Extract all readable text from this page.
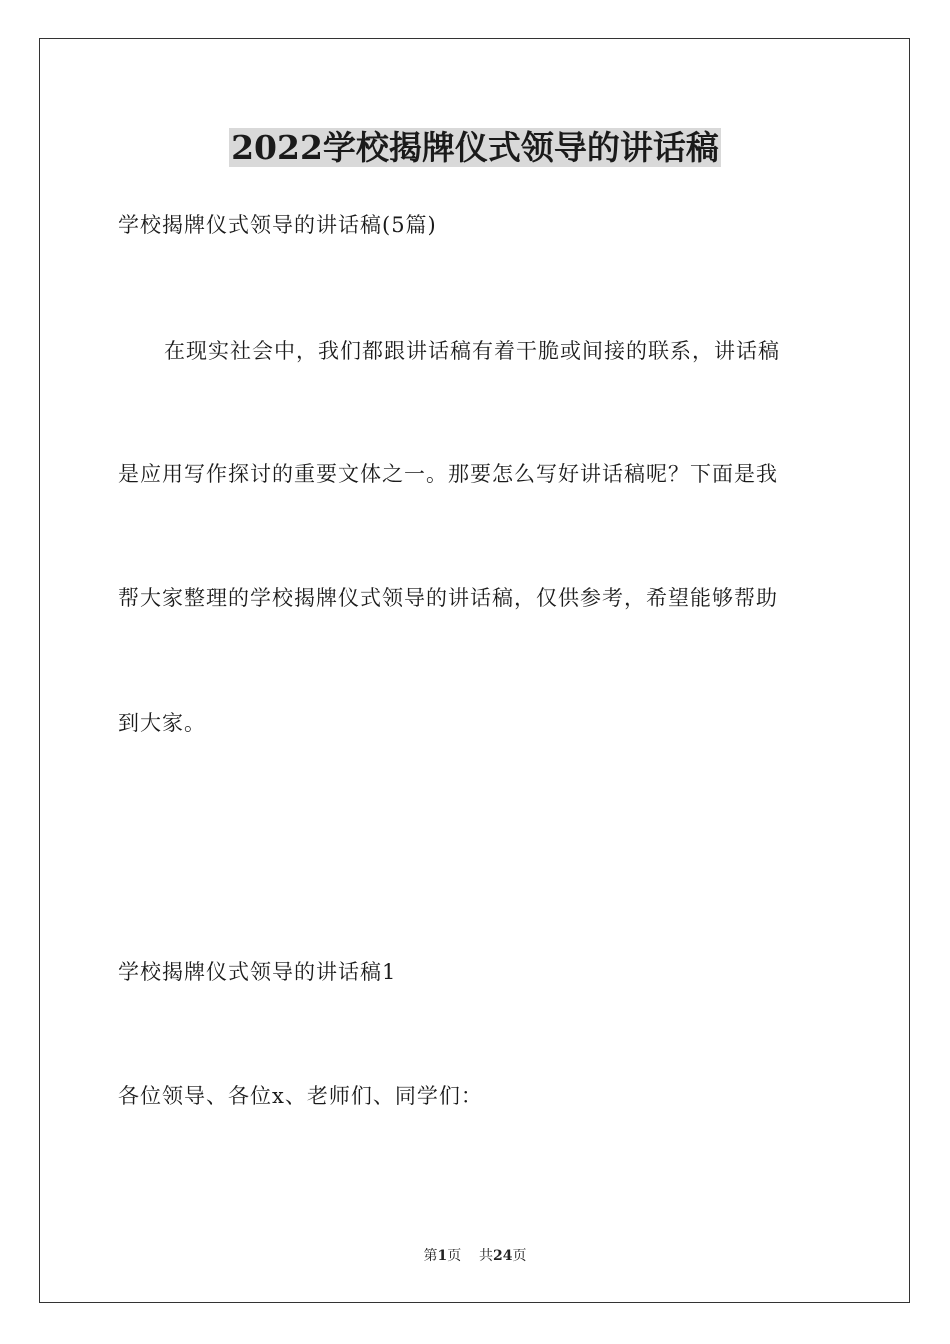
2022学校揭牌仪式领导的讲话稿
学校揭牌仪式领导的讲话稿(5篇)
在现实社会中，我们都跟讲话稿有着干脆或间接的联系，讲话稿
是应用写作探讨的重要文体之一。那要怎么写好讲话稿呢？下面是我
帮大家整理的学校揭牌仪式领导的讲话稿，仅供参考，希望能够帮助
到大家。
学校揭牌仪式领导的讲话稿1
各位领导、各位x、老师们、同学们：
第1页 共24页
